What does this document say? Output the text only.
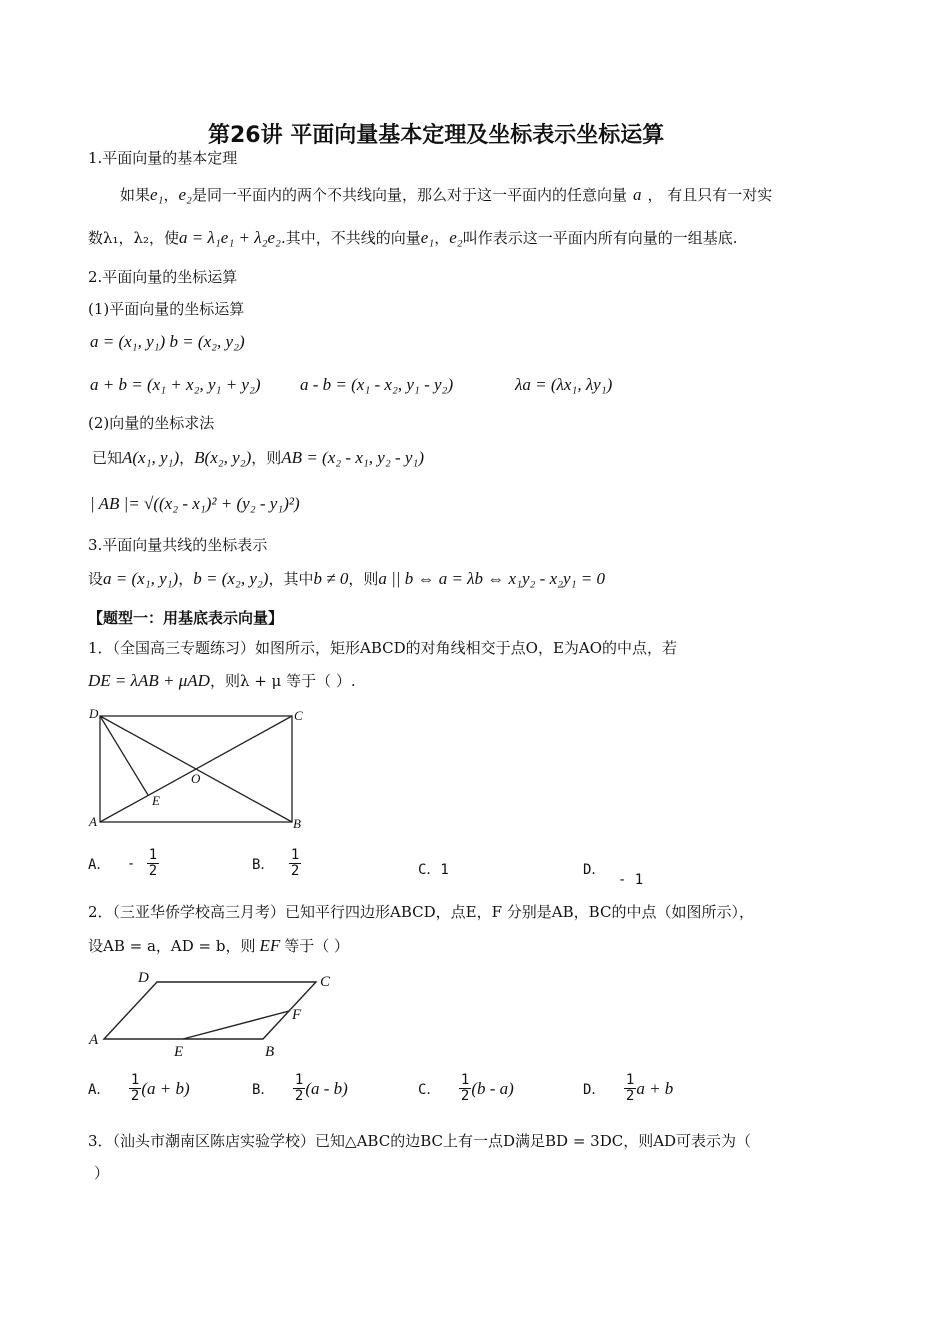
第26讲 平面向量基本定理及坐标表示坐标运算
1.平面向量的基本定理
如果e₁，e₂是同一平面内的两个不共线向量，那么对于这一平面内的任意向量 a ， 有且只有一对实
数λ₁，λ₂，使a = λ₁e₁ + λ₂e₂.其中，不共线的向量e₁，e₂叫作表示这一平面内所有向量的一组基底.
2.平面向量的坐标运算
(1)平面向量的坐标运算
a = (x₁, y₁) b = (x₂, y₂)
a + b = (x₁ + x₂, y₁ + y₂) a - b = (x₁ - x₂, y₁ - y₂)	λa = (λx₁, λy₁)
(2)向量的坐标求法
已知A(x₁, y₁)，B(x₂, y₂)，则AB = (x₂ - x₁, y₂ - y₁)
| AB |= √((x₂ - x₁)² + (y₂ - y₁)²)
3.平面向量共线的坐标表示
设a = (x₁, y₁)，b = (x₂, y₂)，其中b ≠ 0，则a || b ⇔ a = λb ⇔ x₁y₂ - x₂y₁ = 0
【题型一：用基底表示向量】
1．（全国高三专题练习）如图所示，矩形ABCD的对角线相交于点O，E为AO的中点，若
DE = λAB + μAD，则λ + μ 等于（ ）.
D	C
A	B
O
E
A． - $\frac{1}{2}$	B． $\frac{1}{2}$	C．1	D． - 1
2．（三亚华侨学校高三月考）已知平行四边形ABCD，点E，F 分别是AB，BC的中点（如图所示），
设AB = a，AD = b，则 EF 等于（ ）
D	C
A
E	B
F
A． $\frac{1}{2} (a + b)$	B． $\frac{1}{2} (a - b)$	C． $\frac{1}{2} (b - a)$	D． $\frac{1}{2}$ a + b
3．（汕头市潮南区陈店实验学校）已知△ABC的边BC上有一点D满足BD = 3DC，则AD可表示为（
）
